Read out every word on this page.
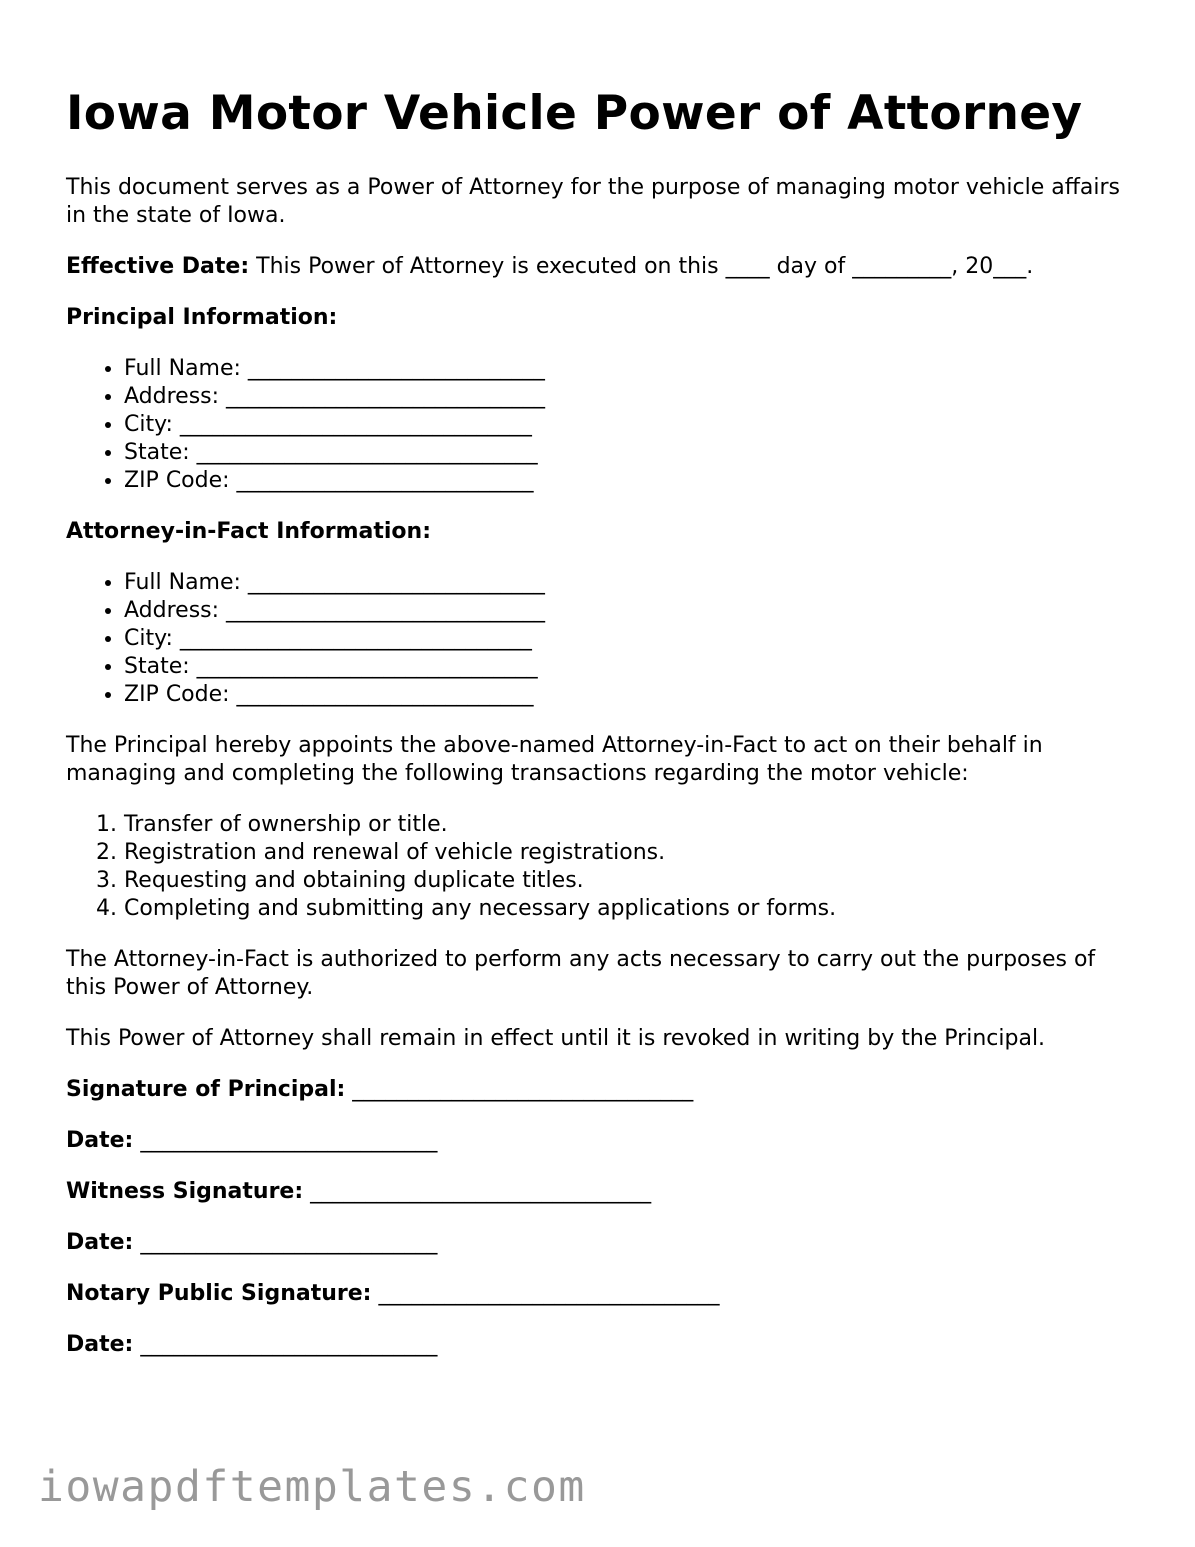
Iowa Motor Vehicle Power of Attorney

This document serves as a Power of Attorney for the purpose of managing motor vehicle affairs in the state of Iowa.

Effective Date: This Power of Attorney is executed on this ____ day of _________, 20___.

Principal Information:

• Full Name: ___________________________
• Address: _____________________________
• City: ________________________________
• State: _______________________________
• ZIP Code: ___________________________

Attorney-in-Fact Information:

• Full Name: ___________________________
• Address: _____________________________
• City: ________________________________
• State: _______________________________
• ZIP Code: ___________________________

The Principal hereby appoints the above-named Attorney-in-Fact to act on their behalf in managing and completing the following transactions regarding the motor vehicle:

1. Transfer of ownership or title.
2. Registration and renewal of vehicle registrations.
3. Requesting and obtaining duplicate titles.
4. Completing and submitting any necessary applications or forms.

The Attorney-in-Fact is authorized to perform any acts necessary to carry out the purposes of this Power of Attorney.

This Power of Attorney shall remain in effect until it is revoked in writing by the Principal.

Signature of Principal: _______________________________

Date: ___________________________

Witness Signature: _______________________________

Date: ___________________________

Notary Public Signature: _______________________________

Date: ___________________________

iowapdftemplates.com
